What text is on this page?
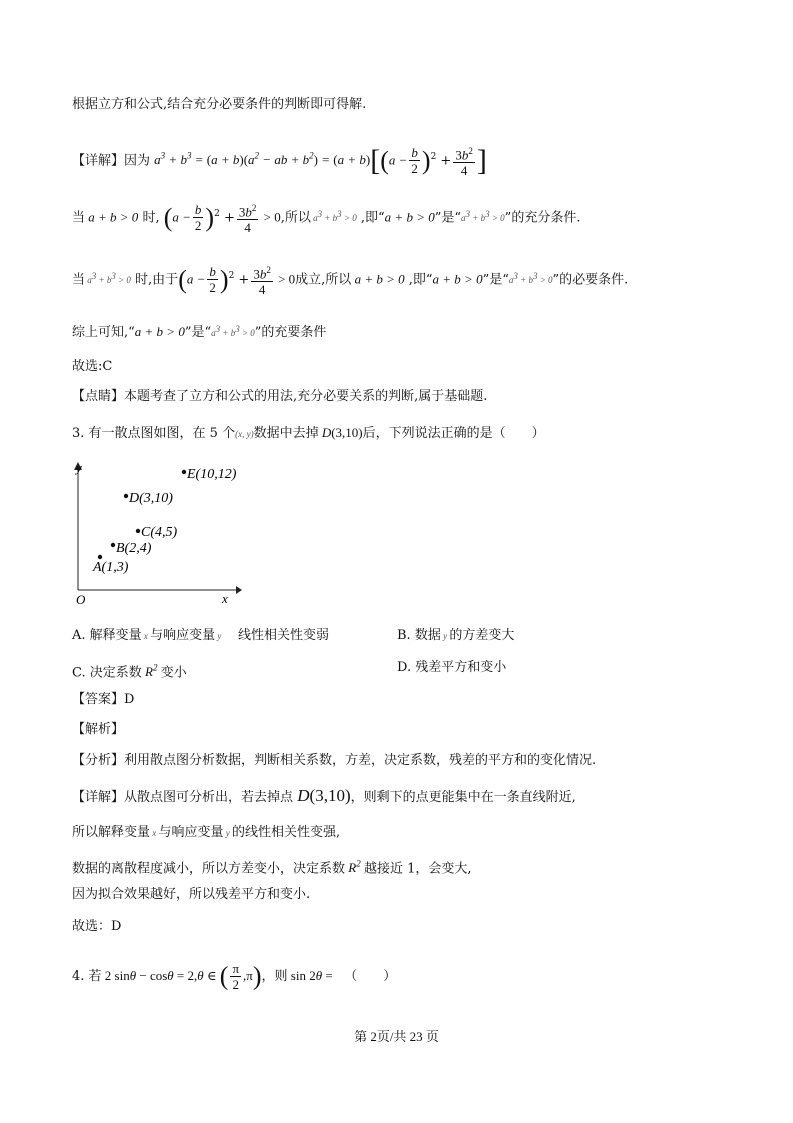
根据立方和公式,结合充分必要条件的判断即可得解.
【详解】因为 $a^3 + b^3 = (a + b)(a^2$ − ab + $b^2) = (a + b)[(a - \frac{b}{2} )^2 + \frac{3b^2}{4}$ ]
当 a + b > 0 时, $(a - \frac{b}{2} )^2 + \frac{3b^2}{4} > 0$,所以 $a^3 + b^3 > 0$ ,即“a + b > 0”是“$a^3 + b^3 > 0$”的充分条件.
当 $a^3 + b^3 > 0$ 时,由于$(a - \frac{b}{2} )^2 + \frac{3b^2}{4} > 0$成立,所以 a + b > 0 ,即“a + b > 0”是“$a^3 + b^3 > 0$”的必要条件.
综上可知,“a + b > 0”是“$a^3 + b^3 > 0$”的充要条件
故选:C
【点睛】本题考查了立方和公式的用法,充分必要关系的判断,属于基础题.
3. 有一散点图如图，在 5 个(x, y)数据中去掉 D(3,10)后，下列说法正确的是（　　）
y
x
O
A(1,3)
B(2,4)
C(4,5)
D(3,10)
E(10,12)
A. 解释变量 x 与响应变量 y 线性相关性变弱	B. 数据 y 的方差变大
C. 决定系数 $R^2$ 变小	D. 残差平方和变小
【答案】D
【解析】
【分析】利用散点图分析数据，判断相关系数，方差，决定系数，残差的平方和的变化情况.
【详解】从散点图可分析出，若去掉点 D(3,10)，则剩下的点更能集中在一条直线附近,
所以解释变量 x 与响应变量 y 的线性相关性变强,
数据的离散程度减小，所以方差变小，决定系数 $R^2$ 越接近 1，会变大,
因为拟合效果越好，所以残差平方和变小.
故选：D
4. 若 2 sinθ − cosθ = 2,θ ∈ ( $\frac{\pi}{2} ,\pi$)，则 sin 2θ =   （　　）
第 2页/共 23 页
